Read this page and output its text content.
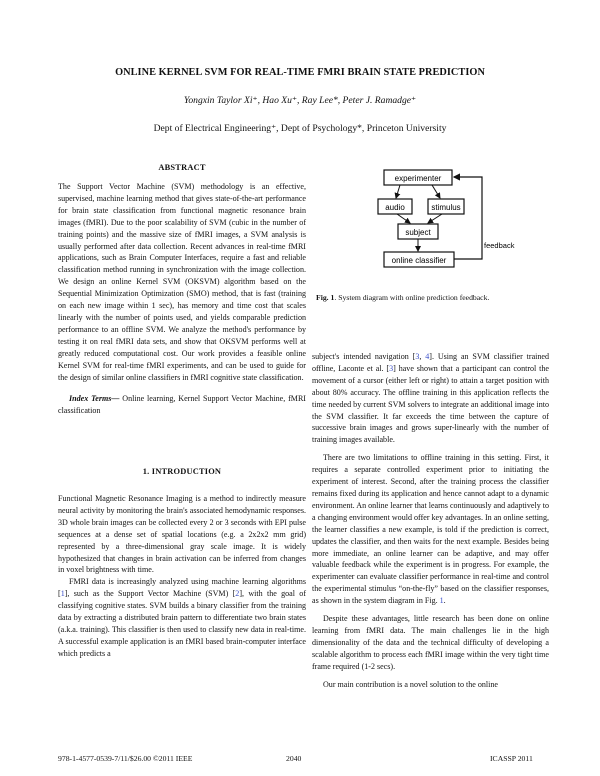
ONLINE KERNEL SVM FOR REAL-TIME FMRI BRAIN STATE PREDICTION
Yongxin Taylor Xi⁺, Hao Xu⁺, Ray Lee*, Peter J. Ramadge⁺
Dept of Electrical Engineering⁺, Dept of Psychology*, Princeton University
ABSTRACT

The Support Vector Machine (SVM) methodology is an effective, supervised, machine learning method that gives state-of-the-art performance for brain state classification from functional magnetic resonance brain images (fMRI). Due to the poor scalability of SVM (cubic in the number of training points) and the massive size of fMRI images, a SVM analysis is usually performed after data collection. Recent advances in real-time fMRI applications, such as Brain Computer Interfaces, require a fast and reliable classification method running in synchronization with the image collection. We design an online Kernel SVM (OKSVM) algorithm based on the Sequential Minimization Optimization (SMO) method, that is fast (training on each new image within 1 sec), has memory and time cost that scales linearly with the number of points used, and yields comparable prediction performance to an offline SVM. We analyze the method's performance by testing it on real fMRI data sets, and show that OKSVM performs well at greatly reduced computational cost. Our work provides a feasible online Kernel SVM for real-time fMRI experiments, and can be used to guide for the design of similar online classifiers in fMRI cognitive state classification.

Index Terms— Online learning, Kernel Support Vector Machine, fMRI classification

1. INTRODUCTION

Functional Magnetic Resonance Imaging is a method to indirectly measure neural activity by monitoring the brain's associated hemodynamic responses. 3D whole brain images can be collected every 2 or 3 seconds with EPI pulse sequences at a dense set of spatial locations (e.g. a 2x2x2 mm grid) represented by a three-dimensional gray scale image. It is widely hypothesized that changes in brain activation can be inferred from changes in voxel brightness with time.

FMRI data is increasingly analyzed using machine learning algorithms [1], such as the Support Vector Machine (SVM) [2], with the goal of classifying cognitive states. SVM builds a binary classifier from the training data by extracting a distributed brain pattern to differentiate two brain states (a.k.a. training). This classifier is then used to classify new data in real-time. A successful example application is an fMRI based brain-computer interface which predicts a

experimenter
audio	stimulus
subject
online classifier
feedback
Fig. 1. System diagram with online prediction feedback.

subject's intended navigation [3, 4]. Using an SVM classifier trained offline, Laconte et al. [3] have shown that a participant can control the movement of a cursor (either left or right) to attain a target position with about 80% accuracy. The offline training in this application reflects the time needed by current SVM solvers to integrate an additional image into the SVM classifier. It far exceeds the time between the capture of successive brain images and grows super-linearly with the number of training images available.

There are two limitations to offline training in this setting. First, it requires a separate controlled experiment prior to initiating the experiment of interest. Second, after the training process the classifier remains fixed during its application and hence cannot adapt to a dynamic environment. An online learner that learns continuously and adaptively to a changing environment would offer key advantages. In an online setting, the learner classifies a new example, is told if the prediction is correct, updates the classifier, and then waits for the next example. Besides being more immediate, an online learner can be adaptive, and may offer valuable feedback while the experiment is in progress. For example, the experimenter can evaluate classifier performance in real-time and control the experimental stimulus “on-the-fly” based on the classifier responses, as shown in the system diagram in Fig. 1.

Despite these advantages, little research has been done on online learning from fMRI data. The main challenges lie in the high dimensionality of the data and the technical difficulty of developing a scalable algorithm to process each fMRI image within the very tight time frame required (1-2 secs).

Our main contribution is a novel solution to the online

978-1-4577-0539-7/11/$26.00 ©2011 IEEE	2040	ICASSP 2011
